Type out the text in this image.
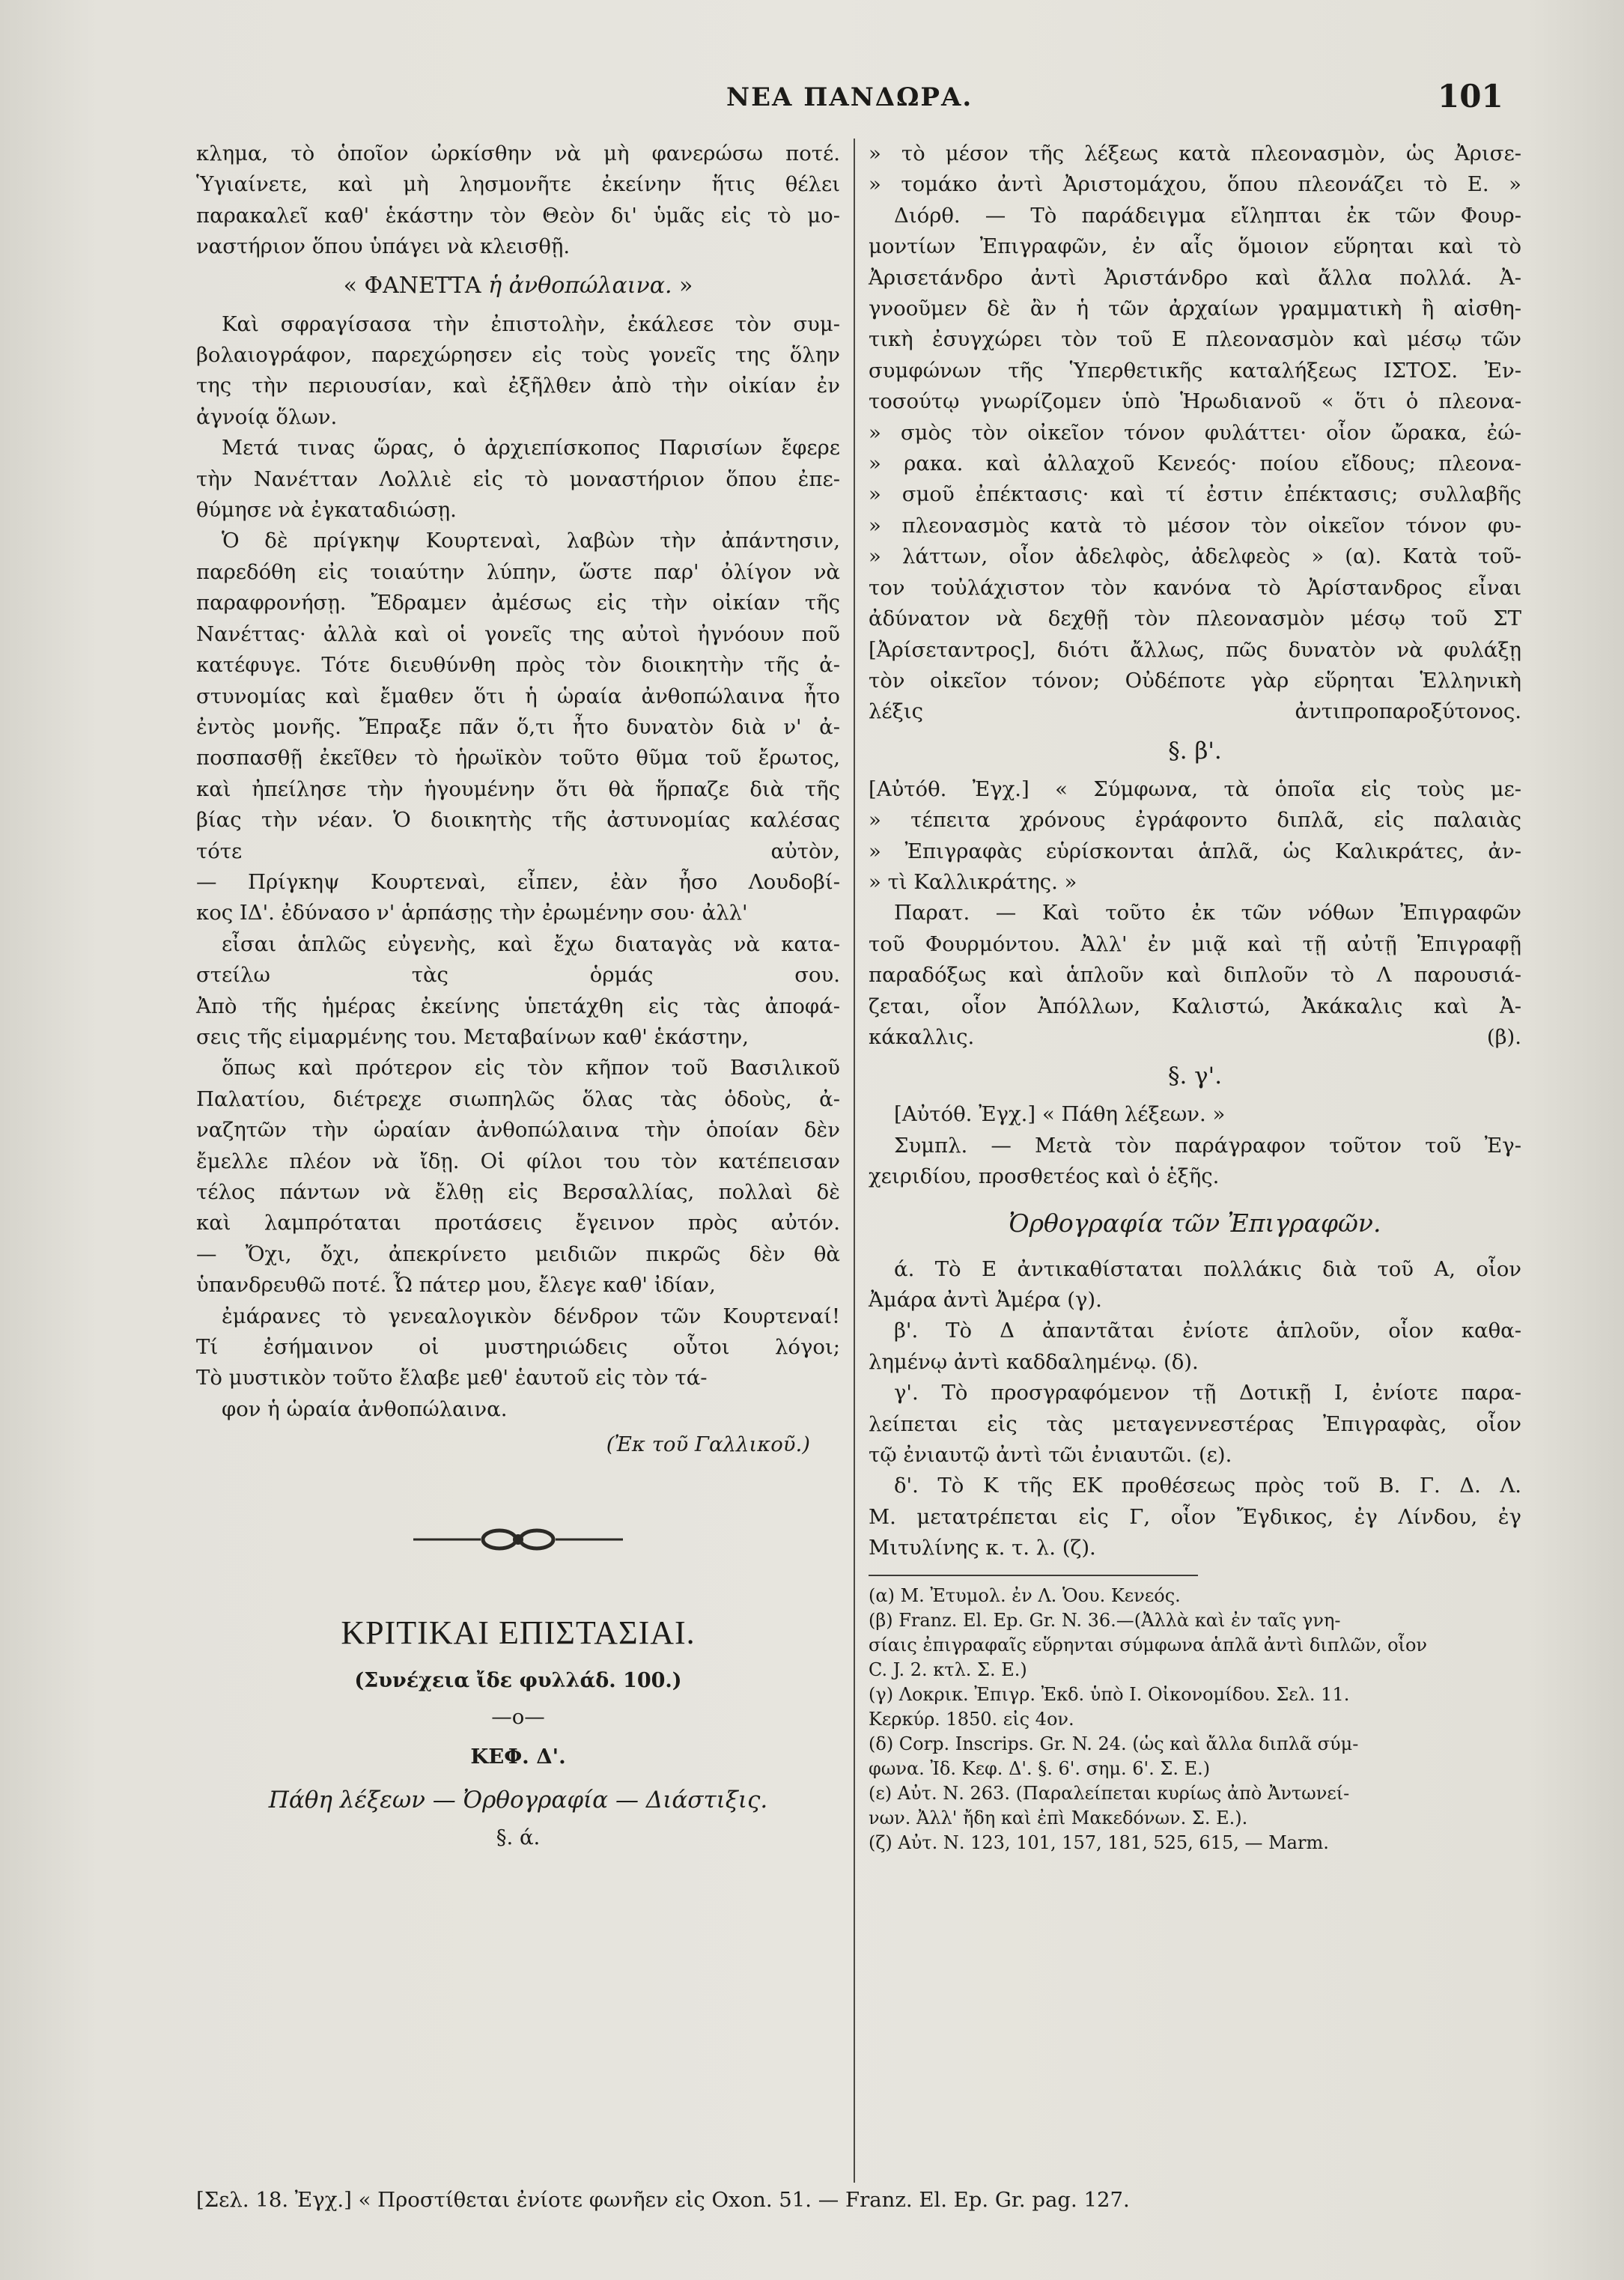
ΝΕΑ ΠΑΝΔΩΡΑ.	101
κλημα, τὸ ὁποῖον ὠρκίσθην νὰ μὴ φανερώσω ποτέ.
Ὑγιαίνετε, καὶ μὴ λησμονῆτε ἐκείνην ἥτις θέλει
παρακαλεῖ καθ' ἑκάστην τὸν Θεὸν δι' ὑμᾶς εἰς τὸ μο-
ναστήριον ὅπου ὑπάγει νὰ κλεισθῇ.
« ΦΑΝΕΤΤΑ ἡ ἀνθοπώλαινα. »
Καὶ σφραγίσασα τὴν ἐπιστολὴν, ἐκάλεσε τὸν συμ-
βολαιογράφον, παρεχώρησεν εἰς τοὺς γονεῖς της ὅλην
της τὴν περιουσίαν, καὶ ἐξῆλθεν ἀπὸ τὴν οἰκίαν ἐν
ἀγνοίᾳ ὅλων.
Μετά τινας ὥρας, ὁ ἀρχιεπίσκοπος Παρισίων ἔφερε
τὴν Νανέτταν Λολλιὲ εἰς τὸ μοναστήριον ὅπου ἐπε-
θύμησε νὰ ἐγκαταδιώσῃ.
Ὁ δὲ πρίγκηψ Κουρτεναὶ, λαβὼν τὴν ἀπάντησιν,
παρεδόθη εἰς τοιαύτην λύπην, ὥστε παρ' ὀλίγον νὰ
παραφρονήσῃ. Ἔδραμεν ἀμέσως εἰς τὴν οἰκίαν τῆς
Νανέττας· ἀλλὰ καὶ οἱ γονεῖς της αὐτοὶ ἠγνόουν ποῦ
κατέφυγε. Τότε διευθύνθη πρὸς τὸν διοικητὴν τῆς ἀ-
στυνομίας καὶ ἔμαθεν ὅτι ἡ ὡραία ἀνθοπώλαινα ἦτο
ἐντὸς μονῆς. Ἔπραξε πᾶν ὅ,τι ἦτο δυνατὸν διὰ ν' ἀ-
ποσπασθῇ ἐκεῖθεν τὸ ἡρωϊκὸν τοῦτο θῦμα τοῦ ἔρωτος,
καὶ ἠπείλησε τὴν ἡγουμένην ὅτι θὰ ἥρπαζε διὰ τῆς
βίας τὴν νέαν. Ὁ διοικητὴς τῆς ἀστυνομίας καλέσας
τότε αὐτὸν,
— Πρίγκηψ Κουρτεναὶ, εἶπεν, ἐὰν ἦσο Λουδοβί-
κος ΙΔ'. ἐδύνασο ν' ἁρπάσῃς τὴν ἐρωμένην σου· ἀλλ'
εἶσαι ἁπλῶς εὐγενὴς, καὶ ἔχω διαταγὰς νὰ κατα-
στείλω τὰς ὁρμάς σου.
Ἀπὸ τῆς ἡμέρας ἐκείνης ὑπετάχθη εἰς τὰς ἀποφά-
σεις τῆς εἱμαρμένης του. Μεταβαίνων καθ' ἑκάστην,
ὅπως καὶ πρότερον εἰς τὸν κῆπον τοῦ Βασιλικοῦ
Παλατίου, διέτρεχε σιωπηλῶς ὅλας τὰς ὁδοὺς, ἀ-
ναζητῶν τὴν ὡραίαν ἀνθοπώλαινα τὴν ὁποίαν δὲν
ἔμελλε πλέον νὰ ἴδῃ. Οἱ φίλοι του τὸν κατέπεισαν
τέλος πάντων νὰ ἔλθῃ εἰς Βερσαλλίας, πολλαὶ δὲ
καὶ λαμπρόταται προτάσεις ἔγεινον πρὸς αὐτόν.
— Ὄχι, ὄχι, ἀπεκρίνετο μειδιῶν πικρῶς δὲν θὰ
ὑπανδρευθῶ ποτέ. Ὦ πάτερ μου, ἔλεγε καθ' ἰδίαν,
ἐμάρανες τὸ γενεαλογικὸν δένδρον τῶν Κουρτεναί!
Τί ἐσήμαινον οἱ μυστηριώδεις οὗτοι λόγοι;
Τὸ μυστικὸν τοῦτο ἔλαβε μεθ' ἑαυτοῦ εἰς τὸν τά-
φον ἡ ὡραία ἀνθοπώλαινα.
(Ἐκ τοῦ Γαλλικοῦ.)
ΚΡΙΤΙΚΑΙ ΕΠΙΣΤΑΣΙΑΙ.
(Συνέχεια ἴδε φυλλάδ. 100.)
—o—
ΚΕΦ. Δ'.
Πάθη λέξεων — Ὀρθογραφία — Διάστιξις.
§. ά.
» τὸ μέσον τῆς λέξεως κατὰ πλεονασμὸν, ὡς Ἀρισε-
» τομάκο ἀντὶ Ἀριστομάχου, ὅπου πλεονάζει τὸ Ε. »
Διόρθ. — Τὸ παράδειγμα εἴληπται ἐκ τῶν Φουρ-
μοντίων Ἐπιγραφῶν, ἐν αἷς ὅμοιον εὕρηται καὶ τὸ
Ἀρισετάνδρο ἀντὶ Ἀριστάνδρο καὶ ἄλλα πολλά. Ἀ-
γνοοῦμεν δὲ ἂν ἡ τῶν ἀρχαίων γραμματικὴ ἢ αἰσθη-
τικὴ ἐσυγχώρει τὸν τοῦ Ε πλεονασμὸν καὶ μέσῳ τῶν
συμφώνων τῆς Ὑπερθετικῆς καταλήξεως ΙΣΤΟΣ. Ἐν-
τοσούτῳ γνωρίζομεν ὑπὸ Ἡρωδιανοῦ « ὅτι ὁ πλεονα-
» σμὸς τὸν οἰκεῖον τόνον φυλάττει· οἷον ὤρακα, ἐώ-
» ρακα. καὶ ἀλλαχοῦ Κενεός· ποίου εἴδους; πλεονα-
» σμοῦ ἐπέκτασις· καὶ τί ἐστιν ἐπέκτασις; συλλαβῆς
» πλεονασμὸς κατὰ τὸ μέσον τὸν οἰκεῖον τόνον φυ-
» λάττων, οἷον ἀδελφὸς, ἀδελφεὸς » (α). Κατὰ τοῦ-
τον τοὐλάχιστον τὸν κανόνα τὸ Ἀρίστανδρος εἶναι
ἀδύνατον νὰ δεχθῇ τὸν πλεονασμὸν μέσῳ τοῦ ΣΤ
[Ἀρίσεταντρος], διότι ἄλλως, πῶς δυνατὸν νὰ φυλάξῃ
τὸν οἰκεῖον τόνον; Οὐδέποτε γὰρ εὕρηται Ἑλληνικὴ
λέξις ἀντιπροπαροξύτονος.
§. β'.
[Αὐτόθ. Ἐγχ.] « Σύμφωνα, τὰ ὁποῖα εἰς τοὺς με-
» τέπειτα χρόνους ἐγράφοντο διπλᾶ, εἰς παλαιὰς
» Ἐπιγραφὰς εὑρίσκονται ἁπλᾶ, ὡς Καλικράτες, ἀν-
» τὶ Καλλικράτης. »
Παρατ. — Καὶ τοῦτο ἐκ τῶν νόθων Ἐπιγραφῶν
τοῦ Φουρμόντου. Ἀλλ' ἐν μιᾷ καὶ τῇ αὐτῇ Ἐπιγραφῇ
παραδόξως καὶ ἁπλοῦν καὶ διπλοῦν τὸ Λ παρουσιά-
ζεται, οἷον Ἀπόλλων, Καλιστώ, Ἀκάκαλις καὶ Ἀ-
κάκαλλις. (β).
§. γ'.
[Αὐτόθ. Ἐγχ.] « Πάθη λέξεων. »
Συμπλ. — Μετὰ τὸν παράγραφον τοῦτον τοῦ Ἐγ-
χειριδίου, προσθετέος καὶ ὁ ἑξῆς.
Ὀρθογραφία τῶν Ἐπιγραφῶν.
ά. Τὸ Ε ἀντικαθίσταται πολλάκις διὰ τοῦ Α, οἷον
Ἀμάρα ἀντὶ Ἀμέρα (γ).
β'. Τὸ Δ ἀπαντᾶται ἐνίοτε ἁπλοῦν, οἷον καθα-
λημένῳ ἀντὶ καδδαλημένῳ. (δ).
γ'. Τὸ προσγραφόμενον τῇ Δοτικῇ Ι, ἐνίοτε παρα-
λείπεται εἰς τὰς μεταγεννεστέρας Ἐπιγραφὰς, οἷον
τῷ ἐνιαυτῷ ἀντὶ τῶι ἐνιαυτῶι. (ε).
δ'. Τὸ Κ τῆς ΕΚ προθέσεως πρὸς τοῦ Β. Γ. Δ. Λ.
Μ. μετατρέπεται εἰς Γ, οἷον Ἔγδικος, ἐγ Λίνδου, ἐγ
Μιτυλίνης κ. τ. λ. (ζ).
(α) Μ. Ἐτυμολ. ἐν Λ. Ὁου. Κενεός.
(β) Franz. El. Ep. Gr. N. 36.—(Ἀλλὰ καὶ ἐν ταῖς γνη-
σίαις ἐπιγραφαῖς εὕρηνται σύμφωνα ἁπλᾶ ἀντὶ διπλῶν, οἷον
C. J. 2. κτλ. Σ. Ε.)
(γ) Λοκρικ. Ἐπιγρ. Ἐκδ. ὑπὸ Ι. Οἰκονομίδου. Σελ. 11.
Κερκύρ. 1850. εἰς 4ον.
(δ) Corp. Inscrips. Gr. N. 24. (ὡς καὶ ἄλλα διπλᾶ σύμ-
φωνα. Ἰδ. Κεφ. Δ'. §. 6'. σημ. 6'. Σ. Ε.)
(ε) Αὐτ. Ν. 263. (Παραλείπεται κυρίως ἀπὸ Ἀντωνεί-
νων. Ἀλλ' ἤδη καὶ ἐπὶ Μακεδόνων. Σ. Ε.).
(ζ) Αὐτ. Ν. 123, 101, 157, 181, 525, 615, — Marm.
[Σελ. 18. Ἐγχ.] « Προστίθεται ἐνίοτε φωνῆεν εἰς Oxon. 51. — Franz. El. Ep. Gr. pag. 127.
